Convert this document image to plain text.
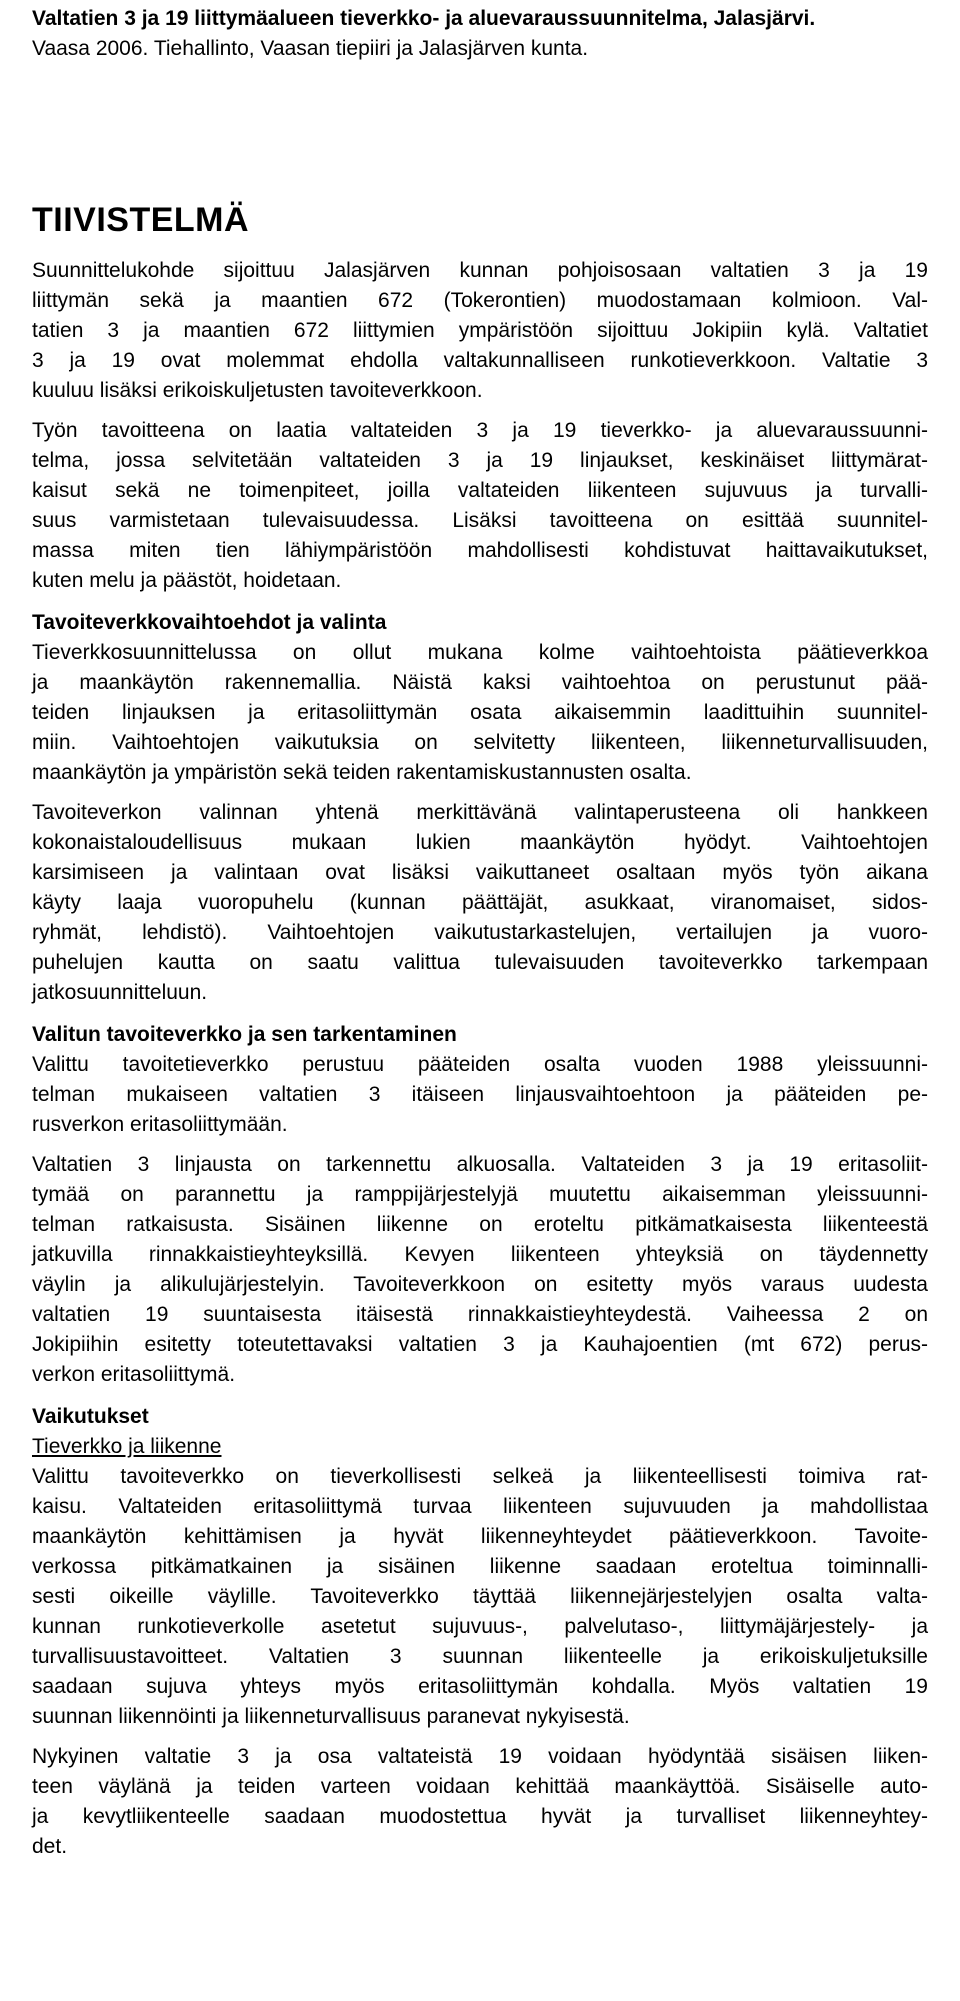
Valtatien 3 ja 19 liittymäalueen tieverkko- ja aluevaraussuunnitelma, Jalasjärvi.
Vaasa 2006. Tiehallinto, Vaasan tiepiiri ja Jalasjärven kunta.
TIIVISTELMÄ

Suunnittelukohde sijoittuu Jalasjärven kunnan pohjoisosaan valtatien 3 ja 19
liittymän sekä ja maantien 672 (Tokerontien) muodostamaan kolmioon. Val-
tatien 3 ja maantien 672 liittymien ympäristöön sijoittuu Jokipiin kylä. Valtatiet
3 ja 19 ovat molemmat ehdolla valtakunnalliseen runkotieverkkoon. Valtatie 3
kuuluu lisäksi erikoiskuljetusten tavoiteverkkoon.

Työn tavoitteena on laatia valtateiden 3 ja 19 tieverkko- ja aluevaraussuunni-
telma, jossa selvitetään valtateiden 3 ja 19 linjaukset, keskinäiset liittymärat-
kaisut sekä ne toimenpiteet, joilla valtateiden liikenteen sujuvuus ja turvalli-
suus varmistetaan tulevaisuudessa. Lisäksi tavoitteena on esittää suunnitel-
massa miten tien lähiympäristöön mahdollisesti kohdistuvat haittavaikutukset,
kuten melu ja päästöt, hoidetaan.

Tavoiteverkkovaihtoehdot ja valinta

Tieverkkosuunnittelussa on ollut mukana kolme vaihtoehtoista päätieverkkoa
ja maankäytön rakennemallia. Näistä kaksi vaihtoehtoa on perustunut pää-
teiden linjauksen ja eritasoliittymän osata aikaisemmin laadittuihin suunnitel-
miin. Vaihtoehtojen vaikutuksia on selvitetty liikenteen, liikenneturvallisuuden,
maankäytön ja ympäristön sekä teiden rakentamiskustannusten osalta.

Tavoiteverkon valinnan yhtenä merkittävänä valintaperusteena oli hankkeen
kokonaistaloudellisuus mukaan lukien maankäytön hyödyt. Vaihtoehtojen
karsimiseen ja valintaan ovat lisäksi vaikuttaneet osaltaan myös työn aikana
käyty laaja vuoropuhelu (kunnan päättäjät, asukkaat, viranomaiset, sidos-
ryhmät, lehdistö). Vaihtoehtojen vaikutustarkastelujen, vertailujen ja vuoro-
puhelujen kautta on saatu valittua tulevaisuuden tavoiteverkko tarkempaan
jatkosuunnitteluun.

Valitun tavoiteverkko ja sen tarkentaminen

Valittu tavoitetieverkko perustuu pääteiden osalta vuoden 1988 yleissuunni-
telman mukaiseen valtatien 3 itäiseen linjausvaihtoehtoon ja pääteiden pe-
rusverkon eritasoliittymään.

Valtatien 3 linjausta on tarkennettu alkuosalla. Valtateiden 3 ja 19 eritasoliit-
tymää on parannettu ja ramppijärjestelyjä muutettu aikaisemman yleissuunni-
telman ratkaisusta. Sisäinen liikenne on eroteltu pitkämatkaisesta liikenteestä
jatkuvilla rinnakkaistieyhteyksillä. Kevyen liikenteen yhteyksiä on täydennetty
väylin ja alikulujärjestelyin. Tavoiteverkkoon on esitetty myös varaus uudesta
valtatien 19 suuntaisesta itäisestä rinnakkaistieyhteydestä. Vaiheessa 2 on
Jokipiihin esitetty toteutettavaksi valtatien 3 ja Kauhajoentien (mt 672) perus-
verkon eritasoliittymä.

Vaikutukset
Tieverkko ja liikenne

Valittu tavoiteverkko on tieverkollisesti selkeä ja liikenteellisesti toimiva rat-
kaisu. Valtateiden eritasoliittymä turvaa liikenteen sujuvuuden ja mahdollistaa
maankäytön kehittämisen ja hyvät liikenneyhteydet päätieverkkoon. Tavoite-
verkossa pitkämatkainen ja sisäinen liikenne saadaan eroteltua toiminnalli-
sesti oikeille väylille. Tavoiteverkko täyttää liikennejärjestelyjen osalta valta-
kunnan runkotieverkolle asetetut sujuvuus-, palvelutaso-, liittymäjärjestely- ja
turvallisuustavoitteet. Valtatien 3 suunnan liikenteelle ja erikoiskuljetuksille
saadaan sujuva yhteys myös eritasoliittymän kohdalla. Myös valtatien 19
suunnan liikennöinti ja liikenneturvallisuus paranevat nykyisestä.

Nykyinen valtatie 3 ja osa valtateistä 19 voidaan hyödyntää sisäisen liiken-
teen väylänä ja teiden varteen voidaan kehittää maankäyttöä. Sisäiselle auto-
ja kevytliikenteelle saadaan muodostettua hyvät ja turvalliset liikenneyhtey-
det.
